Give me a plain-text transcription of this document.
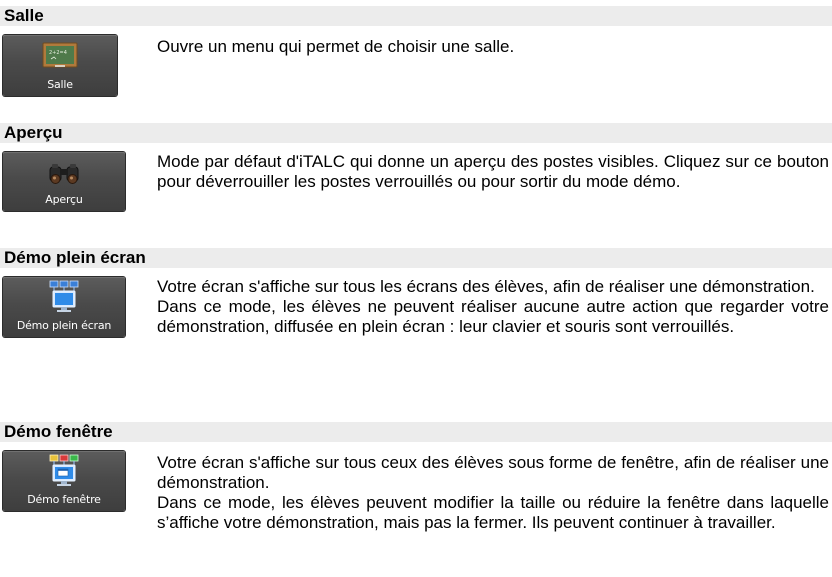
Salle
2+2=4
Salle

Ouvre un menu qui permet de choisir une salle.

Aperçu
Aperçu

Mode par défaut d'iTALC qui donne un aperçu des postes visibles. Cliquez sur ce bouton pour déverrouiller les postes verrouillés ou pour sortir du mode démo.

Démo plein écran
Démo plein écran

Votre écran s'affiche sur tous les écrans des élèves, afin de réaliser une démonstration.

Dans ce mode, les élèves ne peuvent réaliser aucune autre action que regarder votre démonstration, diffusée en plein écran : leur clavier et souris sont verrouillés.

Démo fenêtre
Démo fenêtre

Votre écran s'affiche sur tous ceux des élèves sous forme de fenêtre, afin de réaliser une démonstration.

Dans ce mode, les élèves peuvent modifier la taille ou réduire la fenêtre dans laquelle s’affiche votre démonstration, mais pas la fermer. Ils peuvent continuer à travailler.
